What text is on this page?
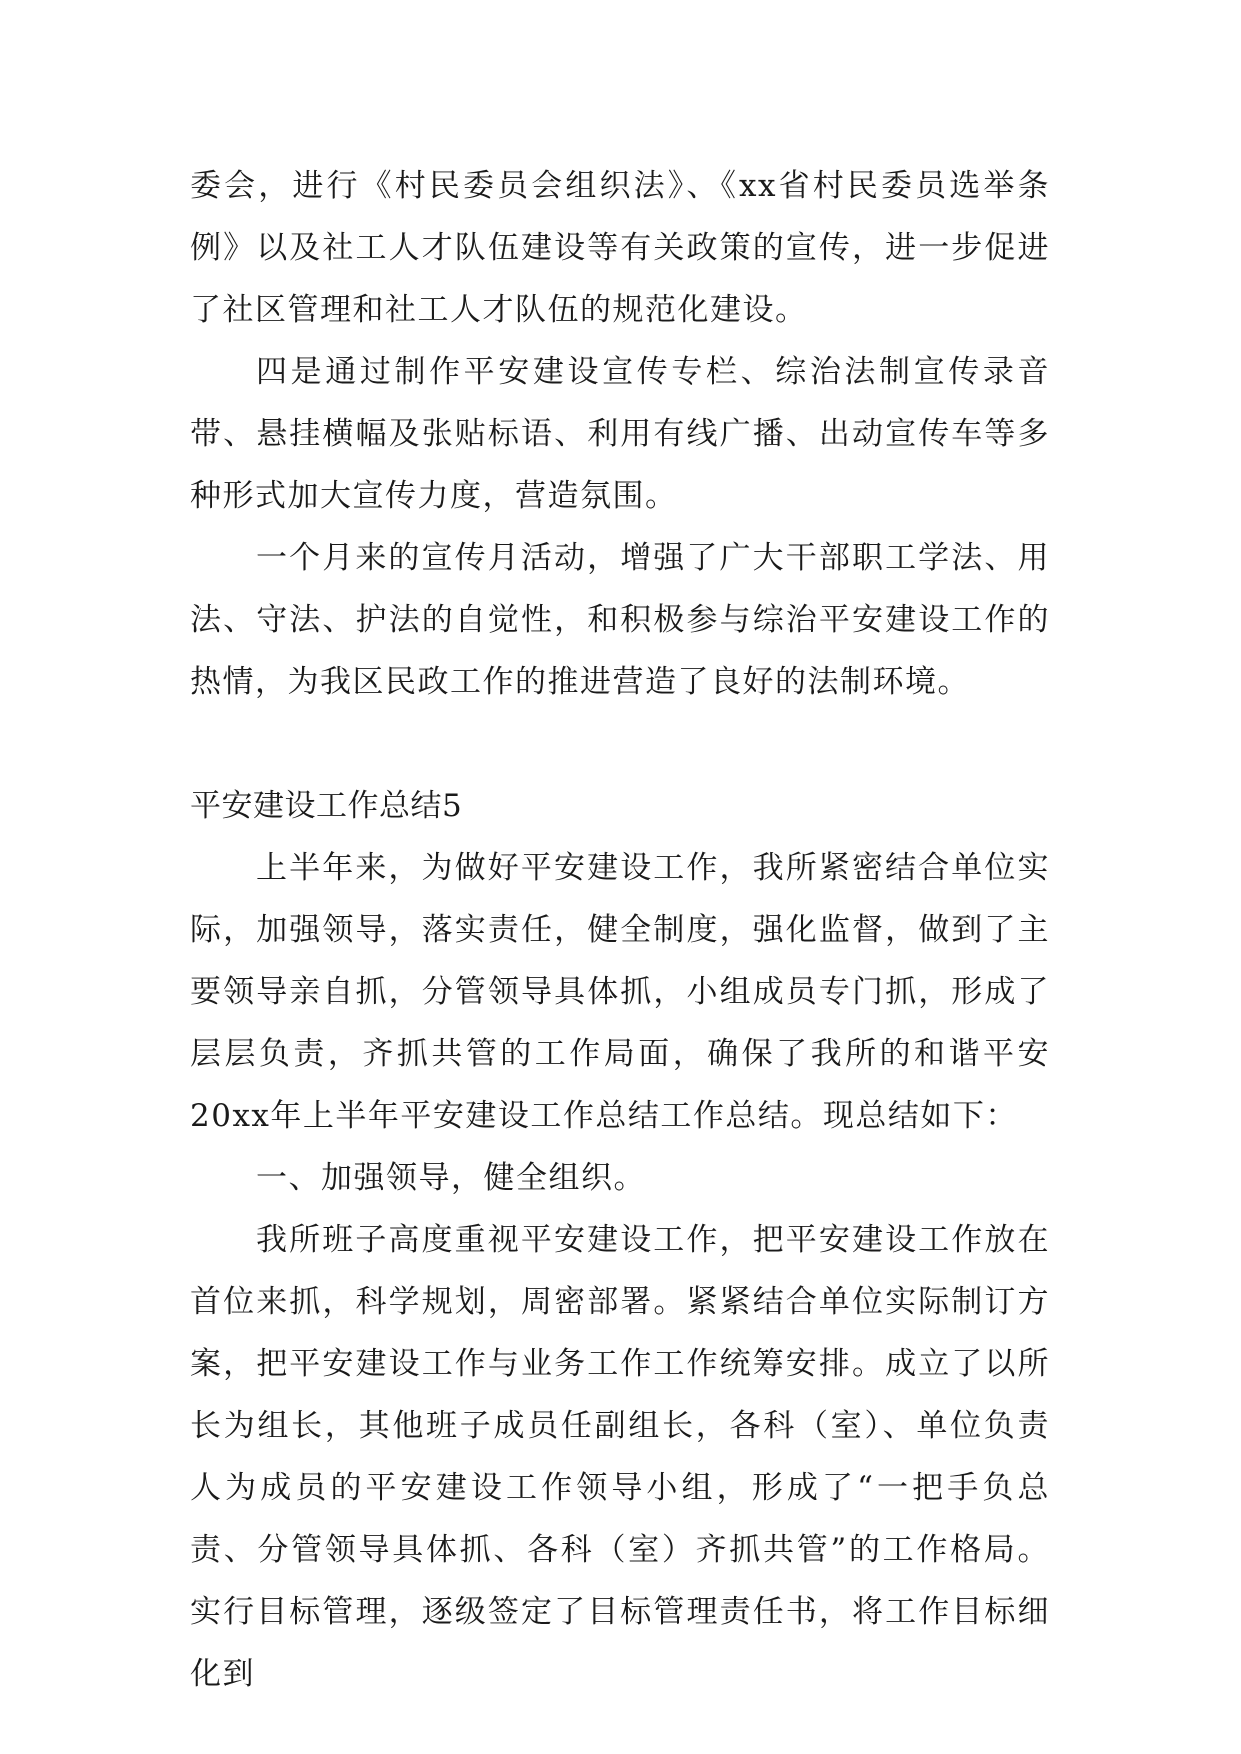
委会，进行《村民委员会组织法》、《xx省村民委员选举条例》以及社工人才队伍建设等有关政策的宣传，进一步促进了社区管理和社工人才队伍的规范化建设。

四是通过制作平安建设宣传专栏、综治法制宣传录音带、悬挂横幅及张贴标语、利用有线广播、出动宣传车等多种形式加大宣传力度，营造氛围。

一个月来的宣传月活动，增强了广大干部职工学法、用法、守法、护法的自觉性，和积极参与综治平安建设工作的热情，为我区民政工作的推进营造了良好的法制环境。

平安建设工作总结5

上半年来，为做好平安建设工作，我所紧密结合单位实际，加强领导，落实责任，健全制度，强化监督，做到了主要领导亲自抓，分管领导具体抓，小组成员专门抓，形成了层层负责，齐抓共管的工作局面，确保了我所的和谐平安20xx年上半年平安建设工作总结工作总结。现总结如下：

一、加强领导，健全组织。

我所班子高度重视平安建设工作，把平安建设工作放在首位来抓，科学规划，周密部署。紧紧结合单位实际制订方案，把平安建设工作与业务工作工作统筹安排。成立了以所长为组长，其他班子成员任副组长，各科（室）、单位负责人为成员的平安建设工作领导小组，形成了“一把手负总责、分管领导具体抓、各科（室）齐抓共管”的工作格局。实行目标管理，逐级签定了目标管理责任书，将工作目标细化到
